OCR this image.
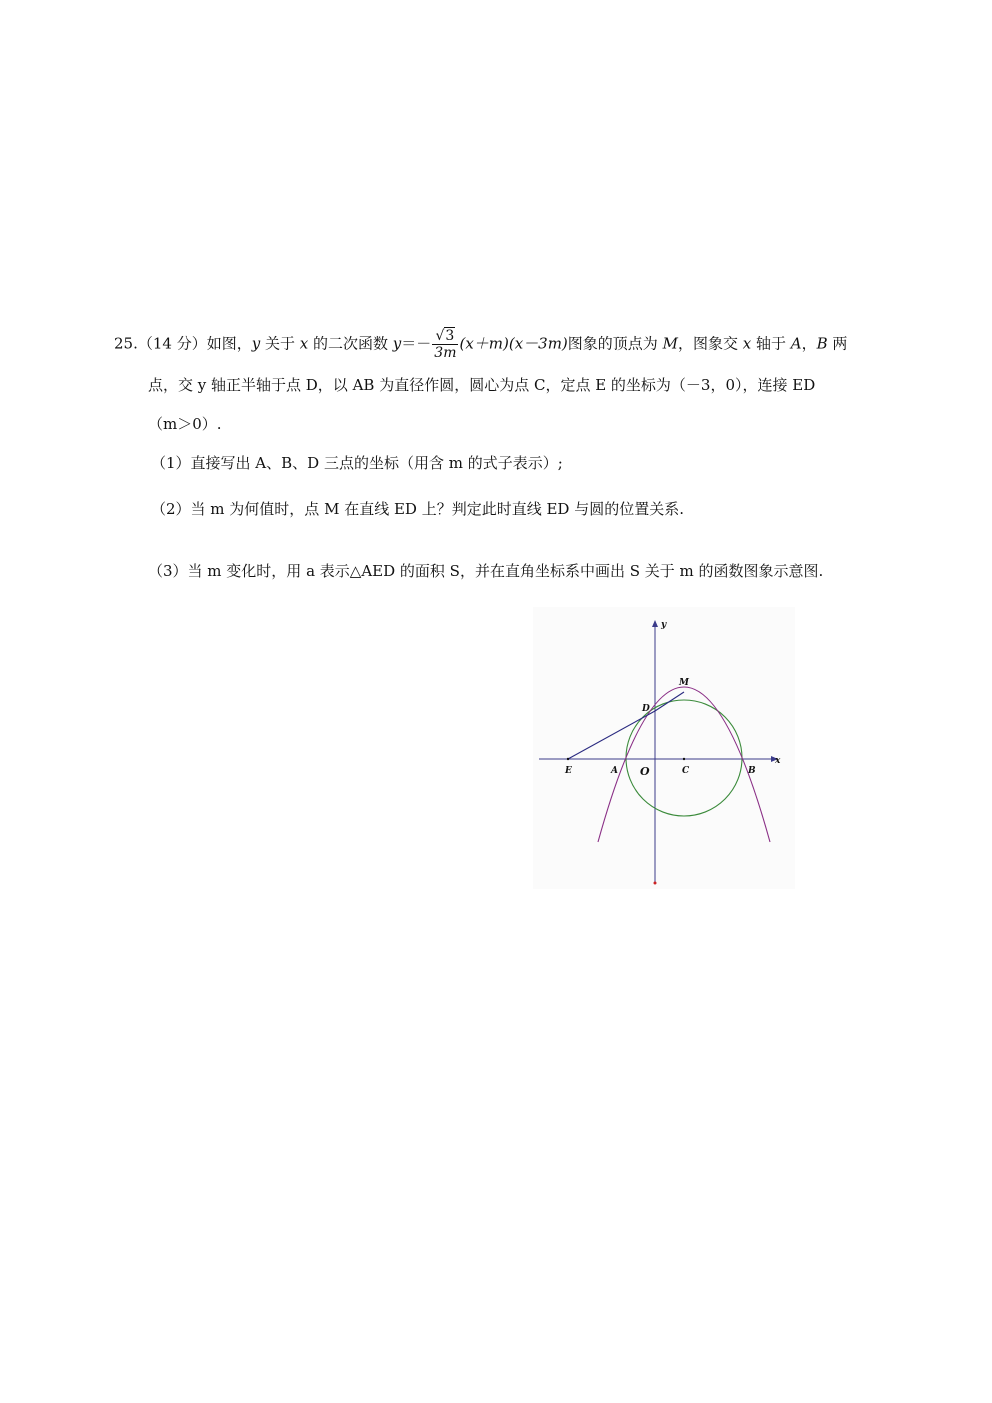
25.（14 分）如图，y 关于 x 的二次函数 $y=- \frac{√3}{3m} (x+m)(x-3m)$图象的顶点为 M，图象交 x 轴于 A，B 两
点，交 y 轴正半轴于点 D，以 AB 为直径作圆，圆心为点 C，定点 E 的坐标为（－3，0），连接 ED
（m＞0）.
（1）直接写出 A、B、D 三点的坐标（用含 m 的式子表示）;
（2）当 m 为何值时，点 M 在直线 ED 上？判定此时直线 ED 与圆的位置关系.
（3）当 m 变化时，用 a 表示△AED 的面积 S，并在直角坐标系中画出 S 关于 m 的函数图象示意图.
y
x
M
D
E	A O	C	B
